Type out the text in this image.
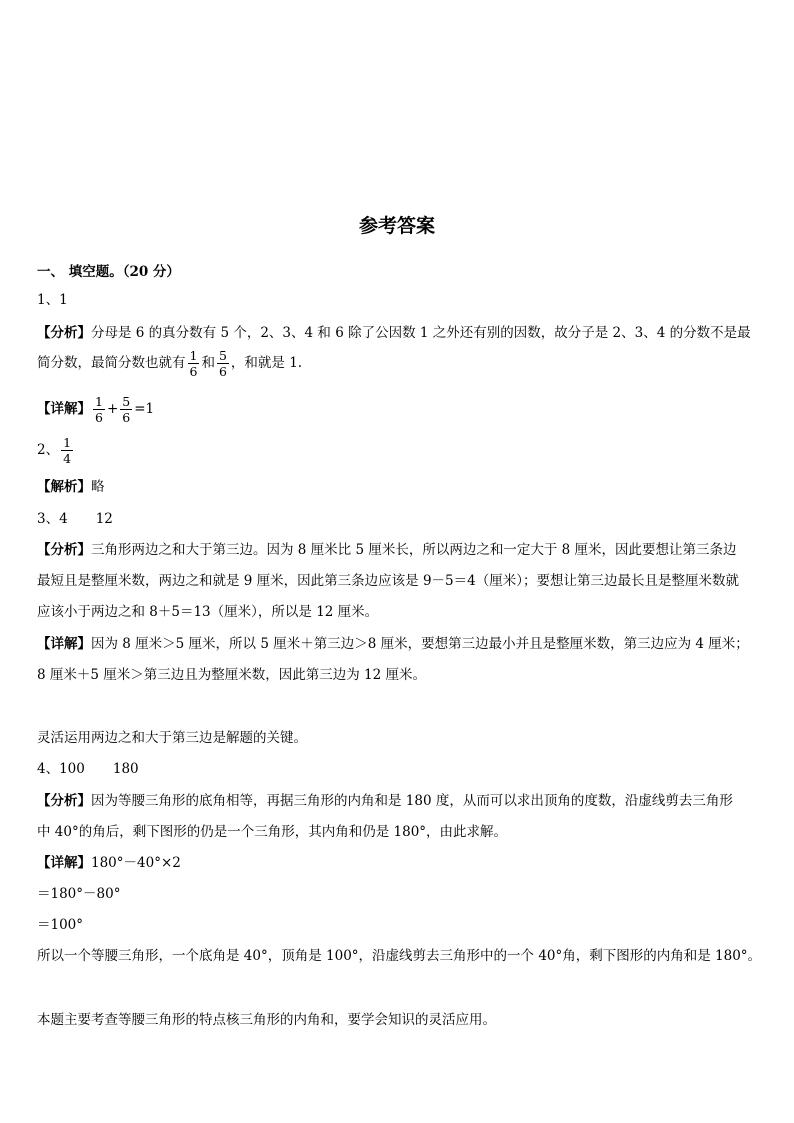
参考答案
一、 填空题。（20 分）
1、1
【分析】分母是 6 的真分数有 5 个，2、3、4 和 6 除了公因数 1 之外还有别的因数，故分子是 2、3、4 的分数不是最
简分数，最简分数也就有 $\frac{1}{6}$ 和 $\frac{5}{6}$ ，和就是 1.
【详解】 $\frac{1}{6} + \frac{5}{6} =1$
2、 $\frac{1}{4}$
【解析】略
3、4 12
【分析】三角形两边之和大于第三边。因为 8 厘米比 5 厘米长，所以两边之和一定大于 8 厘米，因此要想让第三条边
最短且是整厘米数，两边之和就是 9 厘米，因此第三条边应该是 9－5＝4（厘米）；要想让第三边最长且是整厘米数就
应该小于两边之和 8＋5＝13（厘米），所以是 12 厘米。
【详解】因为 8 厘米＞5 厘米，所以 5 厘米＋第三边＞8 厘米，要想第三边最小并且是整厘米数，第三边应为 4 厘米；
8 厘米＋5 厘米＞第三边且为整厘米数，因此第三边为 12 厘米。
灵活运用两边之和大于第三边是解题的关键。
4、100 180
【分析】因为等腰三角形的底角相等，再据三角形的内角和是 180 度，从而可以求出顶角的度数，沿虚线剪去三角形
中 40°的角后，剩下图形的仍是一个三角形，其内角和仍是 180°，由此求解。
【详解】180°－40°×2
＝180°－80°
＝100°
所以一个等腰三角形，一个底角是 40°，顶角是 100°，沿虚线剪去三角形中的一个 40°角，剩下图形的内角和是 180°。
本题主要考查等腰三角形的特点核三角形的内角和，要学会知识的灵活应用。
